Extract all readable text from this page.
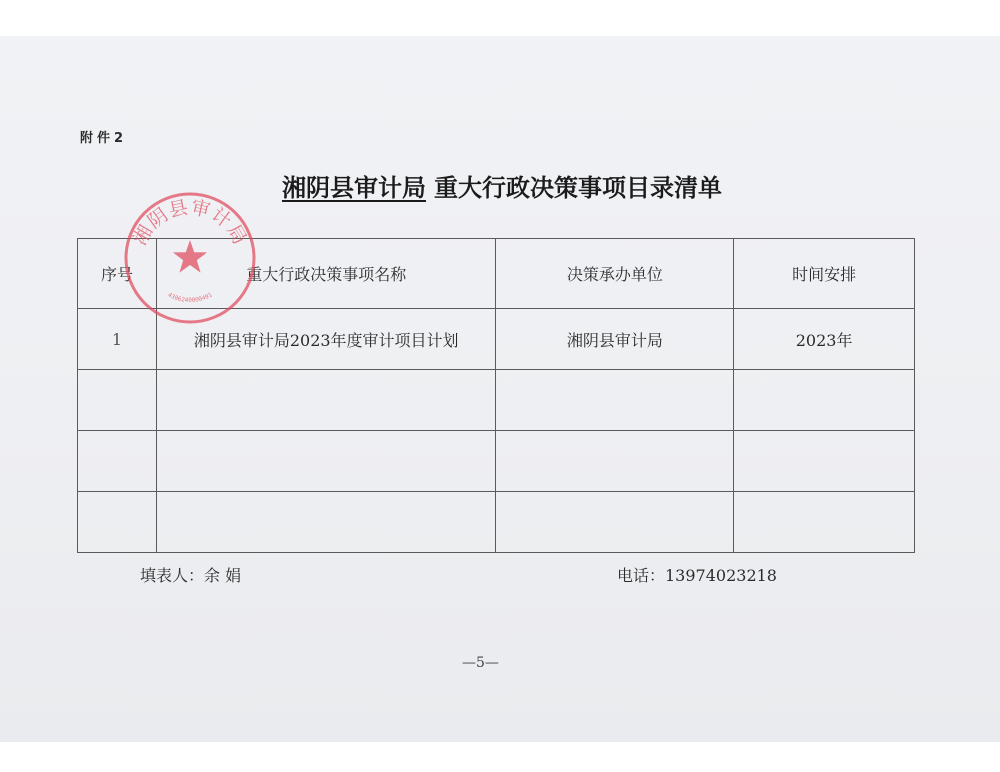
附件2
湘阴县审计局 重大行政决策事项目录清单
序号	重大行政决策事项名称	决策承办单位	时间安排
1	湘阴县审计局2023年度审计项目计划	湘阴县审计局	2023年

湘阴县审计局
4306240000491
填表人：余 娟	电话：13974023218
—5—
